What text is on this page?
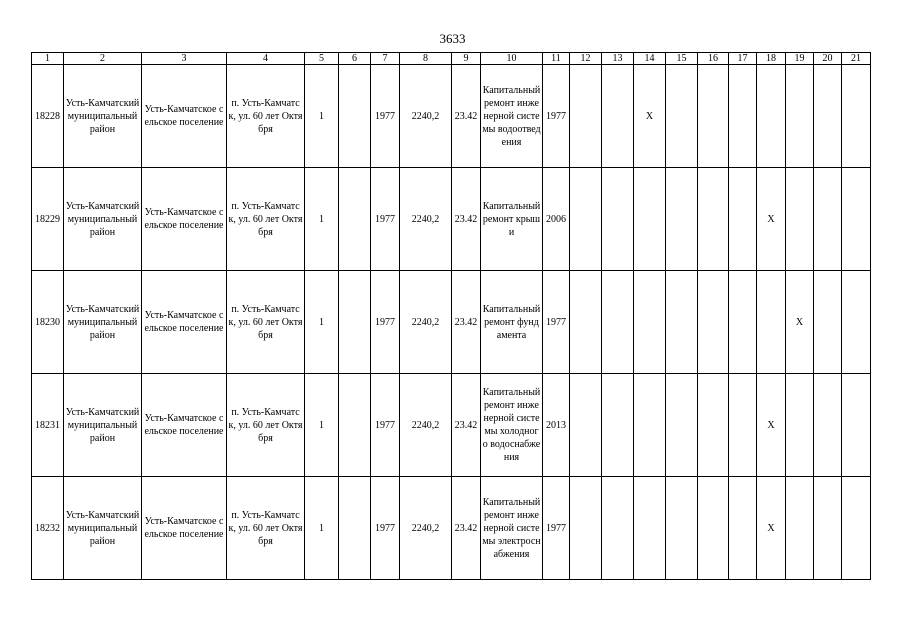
3633
1	2	3	4	5	6	7	8	9	10	11	12	13	14	15	16	17	18	19	20	21
18228	Усть-Камчатский муниципальный район	Усть-Камчатское сельское поселение	п. Усть-Камчатск, ул. 60 лет Октября	1		1977	2240,2	23.42	Капитальный ремонт инженерной системы водоотведения	1977			X							
18229	Усть-Камчатский муниципальный район	Усть-Камчатское сельское поселение	п. Усть-Камчатск, ул. 60 лет Октября	1		1977	2240,2	23.42	Капитальный ремонт крыши	2006							X			
18230	Усть-Камчатский муниципальный район	Усть-Камчатское сельское поселение	п. Усть-Камчатск, ул. 60 лет Октября	1		1977	2240,2	23.42	Капитальный ремонт фундамента	1977								X		
18231	Усть-Камчатский муниципальный район	Усть-Камчатское сельское поселение	п. Усть-Камчатск, ул. 60 лет Октября	1		1977	2240,2	23.42	Капитальный ремонт инженерной системы холодного водоснабжения	2013							X			
18232	Усть-Камчатский муниципальный район	Усть-Камчатское сельское поселение	п. Усть-Камчатск, ул. 60 лет Октября	1		1977	2240,2	23.42	Капитальный ремонт инженерной системы электроснабжения	1977							X			
